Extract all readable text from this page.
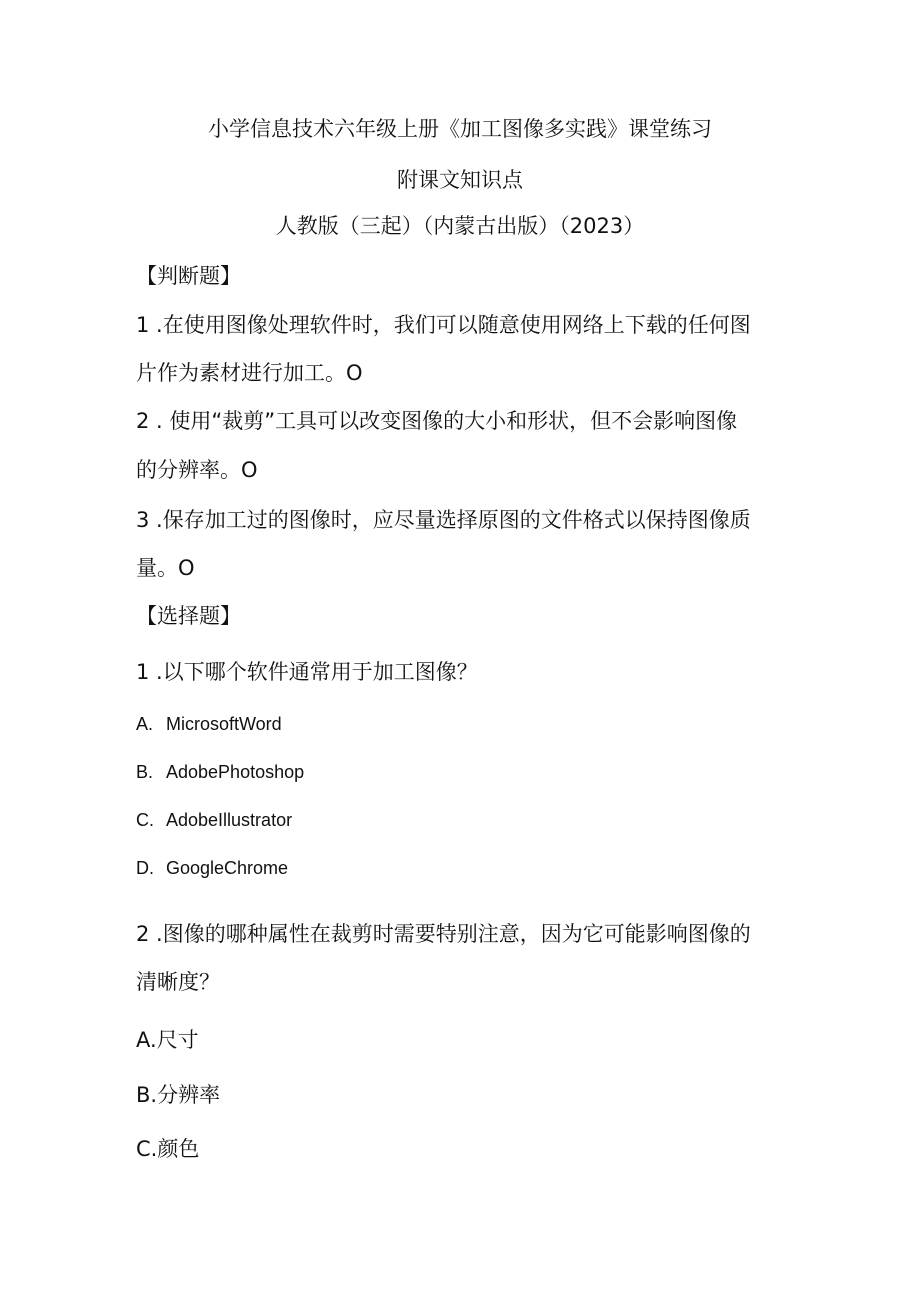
小学信息技术六年级上册《加工图像多实践》课堂练习
附课文知识点
人教版（三起）（内蒙古出版）（2023）
【判断题】
1 .在使用图像处理软件时，我们可以随意使用网络上下载的任何图
片作为素材进行加工。O
2 . 使用“裁剪”工具可以改变图像的大小和形状，但不会影响图像
的分辨率。O
3 .保存加工过的图像时，应尽量选择原图的文件格式以保持图像质
量。O
【选择题】
1 .以下哪个软件通常用于加工图像？
A. MicrosoftWord
B. AdobePhotoshop
C. AdobeIllustrator
D. GoogleChrome
2 .图像的哪种属性在裁剪时需要特别注意，因为它可能影响图像的
清晰度？
A.尺寸
B.分辨率
C.颜色
